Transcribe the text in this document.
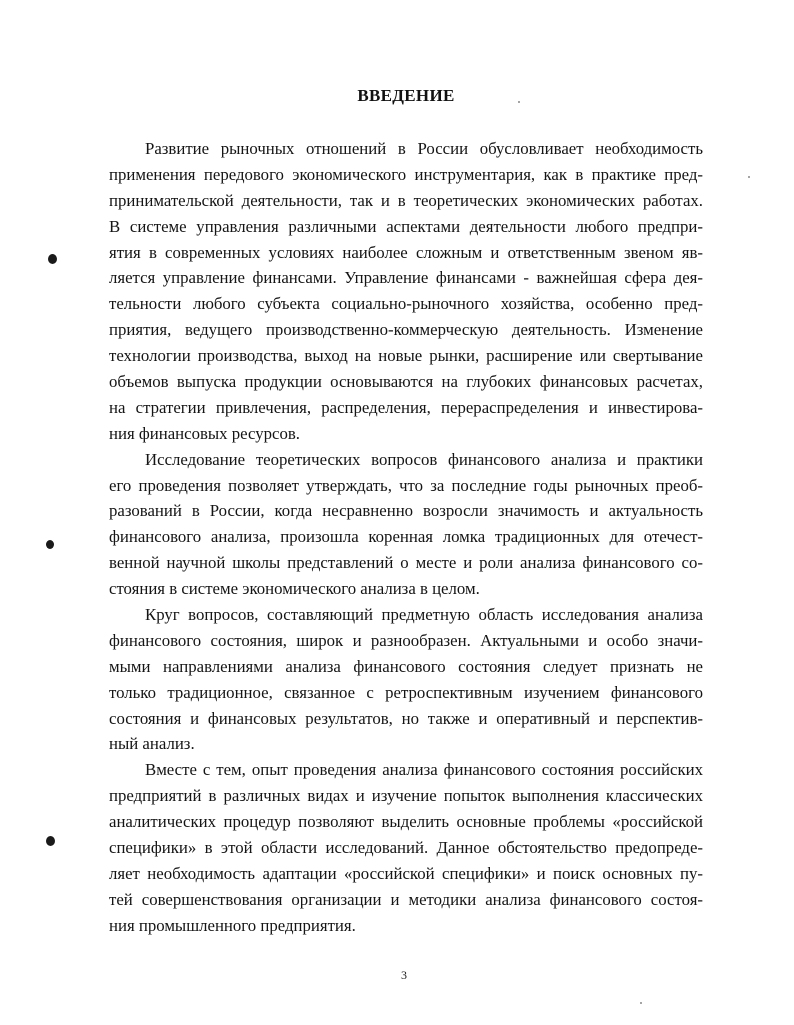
ВВЕДЕНИЕ
Развитие рыночных отношений в России обусловливает необходимость
применения передового экономического инструментария, как в практике пред-
принимательской деятельности, так и в теоретических экономических работах.
В системе управления различными аспектами деятельности любого предпри-
ятия в современных условиях наиболее сложным и ответственным звеном яв-
ляется управление финансами. Управление финансами - важнейшая сфера дея-
тельности любого субъекта социально-рыночного хозяйства, особенно пред-
приятия, ведущего производственно-коммерческую деятельность. Изменение
технологии производства, выход на новые рынки, расширение или свертывание
объемов выпуска продукции основываются на глубоких финансовых расчетах,
на стратегии привлечения, распределения, перераспределения и инвестирова-
ния финансовых ресурсов.
Исследование теоретических вопросов финансового анализа и практики
его проведения позволяет утверждать, что за последние годы рыночных преоб-
разований в России, когда несравненно возросли значимость и актуальность
финансового анализа, произошла коренная ломка традиционных для отечест-
венной научной школы представлений о месте и роли анализа финансового со-
стояния в системе экономического анализа в целом.
Круг вопросов, составляющий предметную область исследования анализа
финансового состояния, широк и разнообразен. Актуальными и особо значи-
мыми направлениями анализа финансового состояния следует признать не
только традиционное, связанное с ретроспективным изучением финансового
состояния и финансовых результатов, но также и оперативный и перспектив-
ный анализ.
Вместе с тем, опыт проведения анализа финансового состояния российских
предприятий в различных видах и изучение попыток выполнения классических
аналитических процедур позволяют выделить основные проблемы «российской
специфики» в этой области исследований. Данное обстоятельство предопреде-
ляет необходимость адаптации «российской специфики» и поиск основных пу-
тей совершенствования организации и методики анализа финансового состоя-
ния промышленного предприятия.
3
